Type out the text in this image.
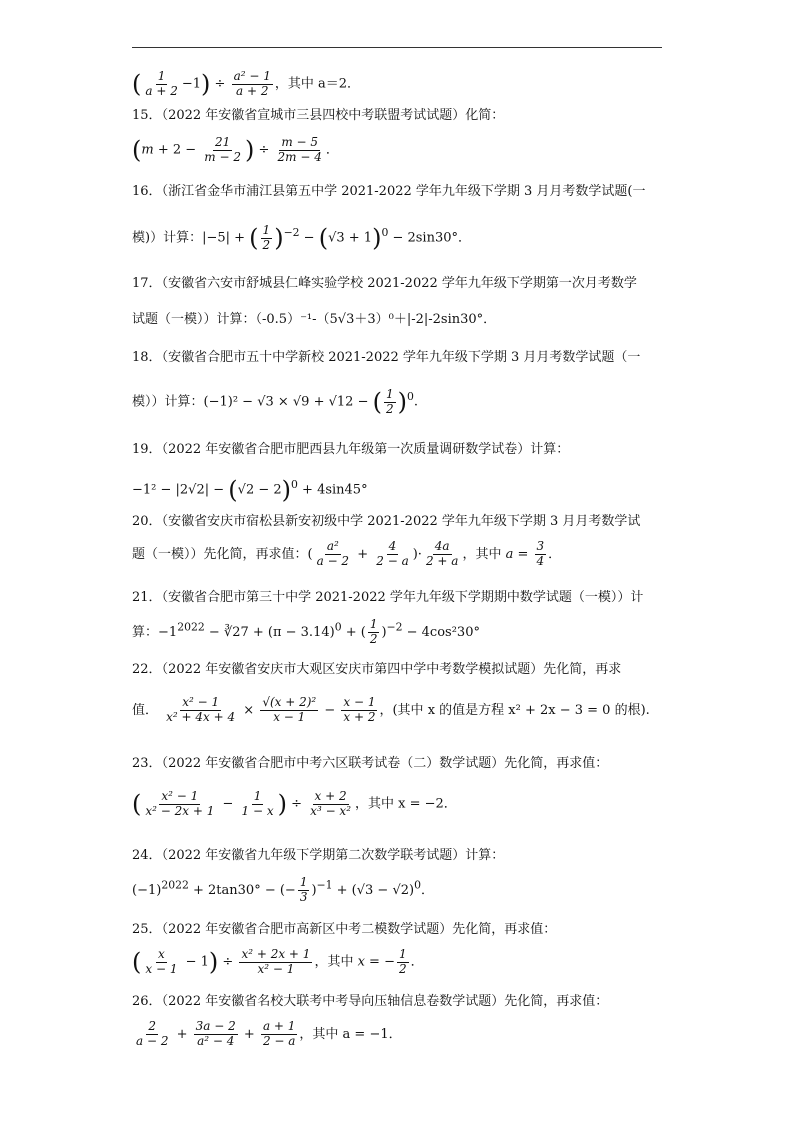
( $\frac{1}{a + 2} -1) \div \frac{\text{a² − 1}}{a + 2}$ ，其中 a＝2．
15．（2022 年安徽省宣城市三县四校中考联盟考试试题）化简：
($m + 2 - \frac{21}{m - 2}$ ) ÷ $\frac{m - 5}{2m - 4}$ ．
16．（浙江省金华市浦江县第五中学 2021-2022 学年九年级下学期 3 月月考数学试题(一
模)）计算：|−5| + ( $\frac{1}{2} )^{-2} - (√3 + 1)^0 - 2\sin 30^\circ$．
17．（安徽省六安市舒城县仁峰实验学校 2021-2022 学年九年级下学期第一次月考数学
试题（一模））计算：（-0.5）⁻¹-（5√3＋3）⁰＋|-2|-2sin30°．
18．（安徽省合肥市五十中学新校 2021-2022 学年九年级下学期 3 月月考数学试题（一
模））计算：(−1)² − √3 × √9 + √12 − ( $\frac{1}{2} )^0$.
19．（2022 年安徽省合肥市肥西县九年级第一次质量调研数学试卷）计算：
$-1^2 - |2√2| - (√2 - 2)^0 + 4\sin 45^\circ$
20．（安徽省安庆市宿松县新安初级中学 2021-2022 学年九年级下学期 3 月月考数学试
题（一模））先化简，再求值：( $\frac{\text{a²}}{a - 2} + \frac{4}{2 - a}$ )· $\frac{4a}{2 + a}$ ，其中 $a = \frac{3}{4}$ ．
21．（安徽省合肥市第三十中学 2021-2022 学年九年级下学期期中数学试题（一模））计
算：$-1^{2022}$ − ∛27 + $(\pi - 3.14)^0$ + ( $\frac{1}{2} )^{-2} - 4\cos^230^\circ$
22．（2022 年安徽省安庆市大观区安庆市第四中学中考数学模拟试题）先化简，再求
值． $\frac{\text{x² − 1}}{\text{x² + 4x + 4}} \times \frac{\text{√(x + 2)²}}{x - 1} - \frac{x - 1}{x + 2}$ ，(其中 x 的值是方程 x² + 2x − 3 = 0 的根).
23．（2022 年安徽省合肥市中考六区联考试卷（二）数学试题）先化简，再求值：
( $\frac{\text{x² − 1}}{\text{x² − 2x + 1}} - \frac{1}{1 - x}$ ) ÷ $\frac{x + 2}{\text{x³ − x²}}$ ，其中 x = −2．
24．（2022 年安徽省九年级下学期第二次数学联考试题）计算：
$(-1)^{2022} + 2\tan 30^\circ$ − (− $\frac{1}{3} )^{-1} + (√3 - √2)^0$．
25．（2022 年安徽省合肥市高新区中考二模数学试题）先化简，再求值：
( $\frac{x}{x - 1} - 1) \div \frac{\text{x² + 2x + 1}}{\text{x² − 1}}$ ，其中 x = − $\frac{1}{2}$ ．
26．（2022 年安徽省名校大联考中考导向压轴信息卷数学试题）先化简，再求值：
$\frac{2}{a - 2} + \frac{3a - 2}{\text{a² − 4}} + \frac{a + 1}{2 - a}$ ，其中 a = −1．
